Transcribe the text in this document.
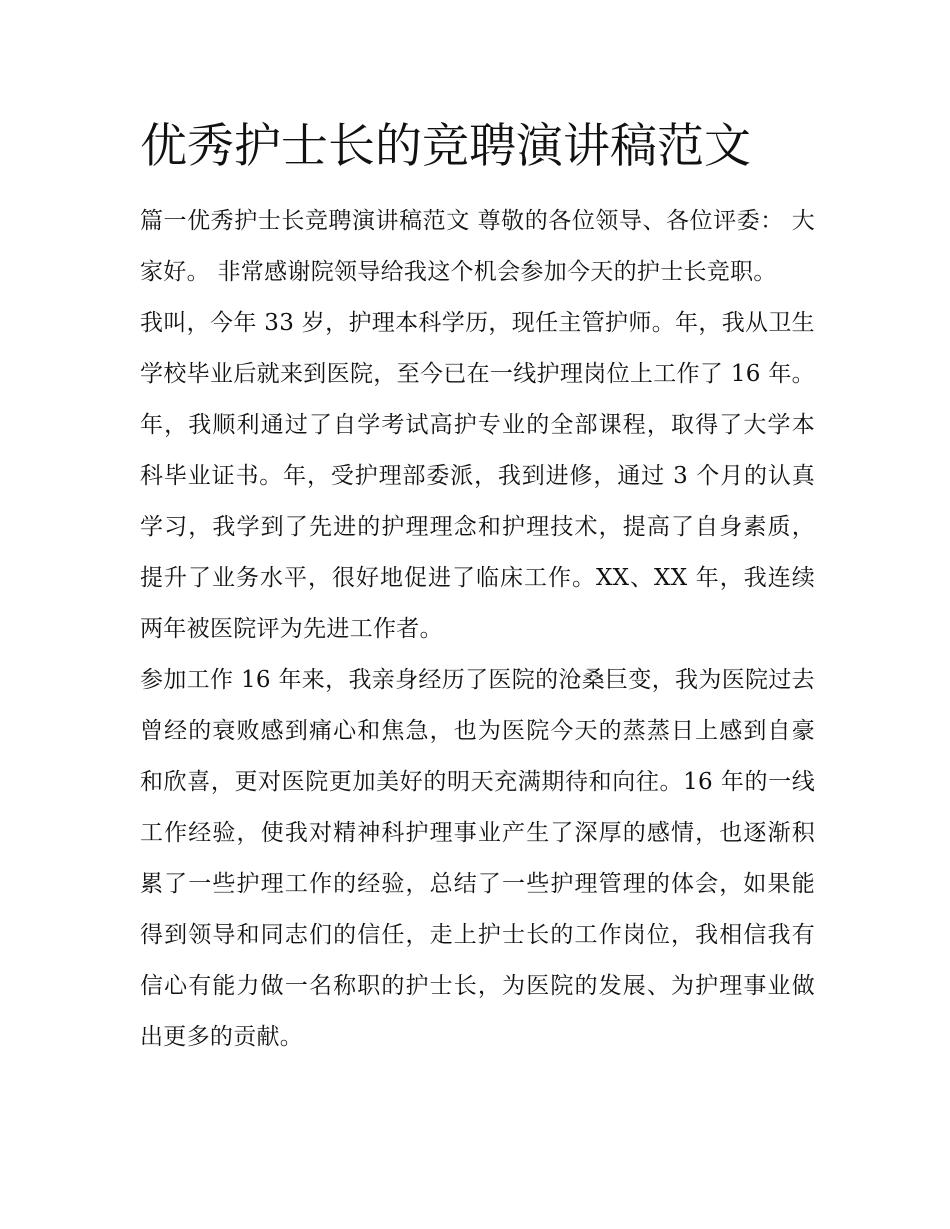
优秀护士长的竞聘演讲稿范文

篇一优秀护士长竞聘演讲稿范文 尊敬的各位领导、各位评委： 大家好。 非常感谢院领导给我这个机会参加今天的护士长竞职。

我叫，今年 33 岁，护理本科学历，现任主管护师。年，我从卫生学校毕业后就来到医院，至今已在一线护理岗位上工作了 16 年。年，我顺利通过了自学考试高护专业的全部课程，取得了大学本科毕业证书。年，受护理部委派，我到进修，通过 3 个月的认真学习，我学到了先进的护理理念和护理技术，提高了自身素质，提升了业务水平，很好地促进了临床工作。XX、XX 年，我连续两年被医院评为先进工作者。

参加工作 16 年来，我亲身经历了医院的沧桑巨变，我为医院过去曾经的衰败感到痛心和焦急，也为医院今天的蒸蒸日上感到自豪和欣喜，更对医院更加美好的明天充满期待和向往。16 年的一线工作经验，使我对精神科护理事业产生了深厚的感情，也逐渐积累了一些护理工作的经验，总结了一些护理管理的体会，如果能得到领导和同志们的信任，走上护士长的工作岗位，我相信我有信心有能力做一名称职的护士长，为医院的发展、为护理事业做出更多的贡献。
